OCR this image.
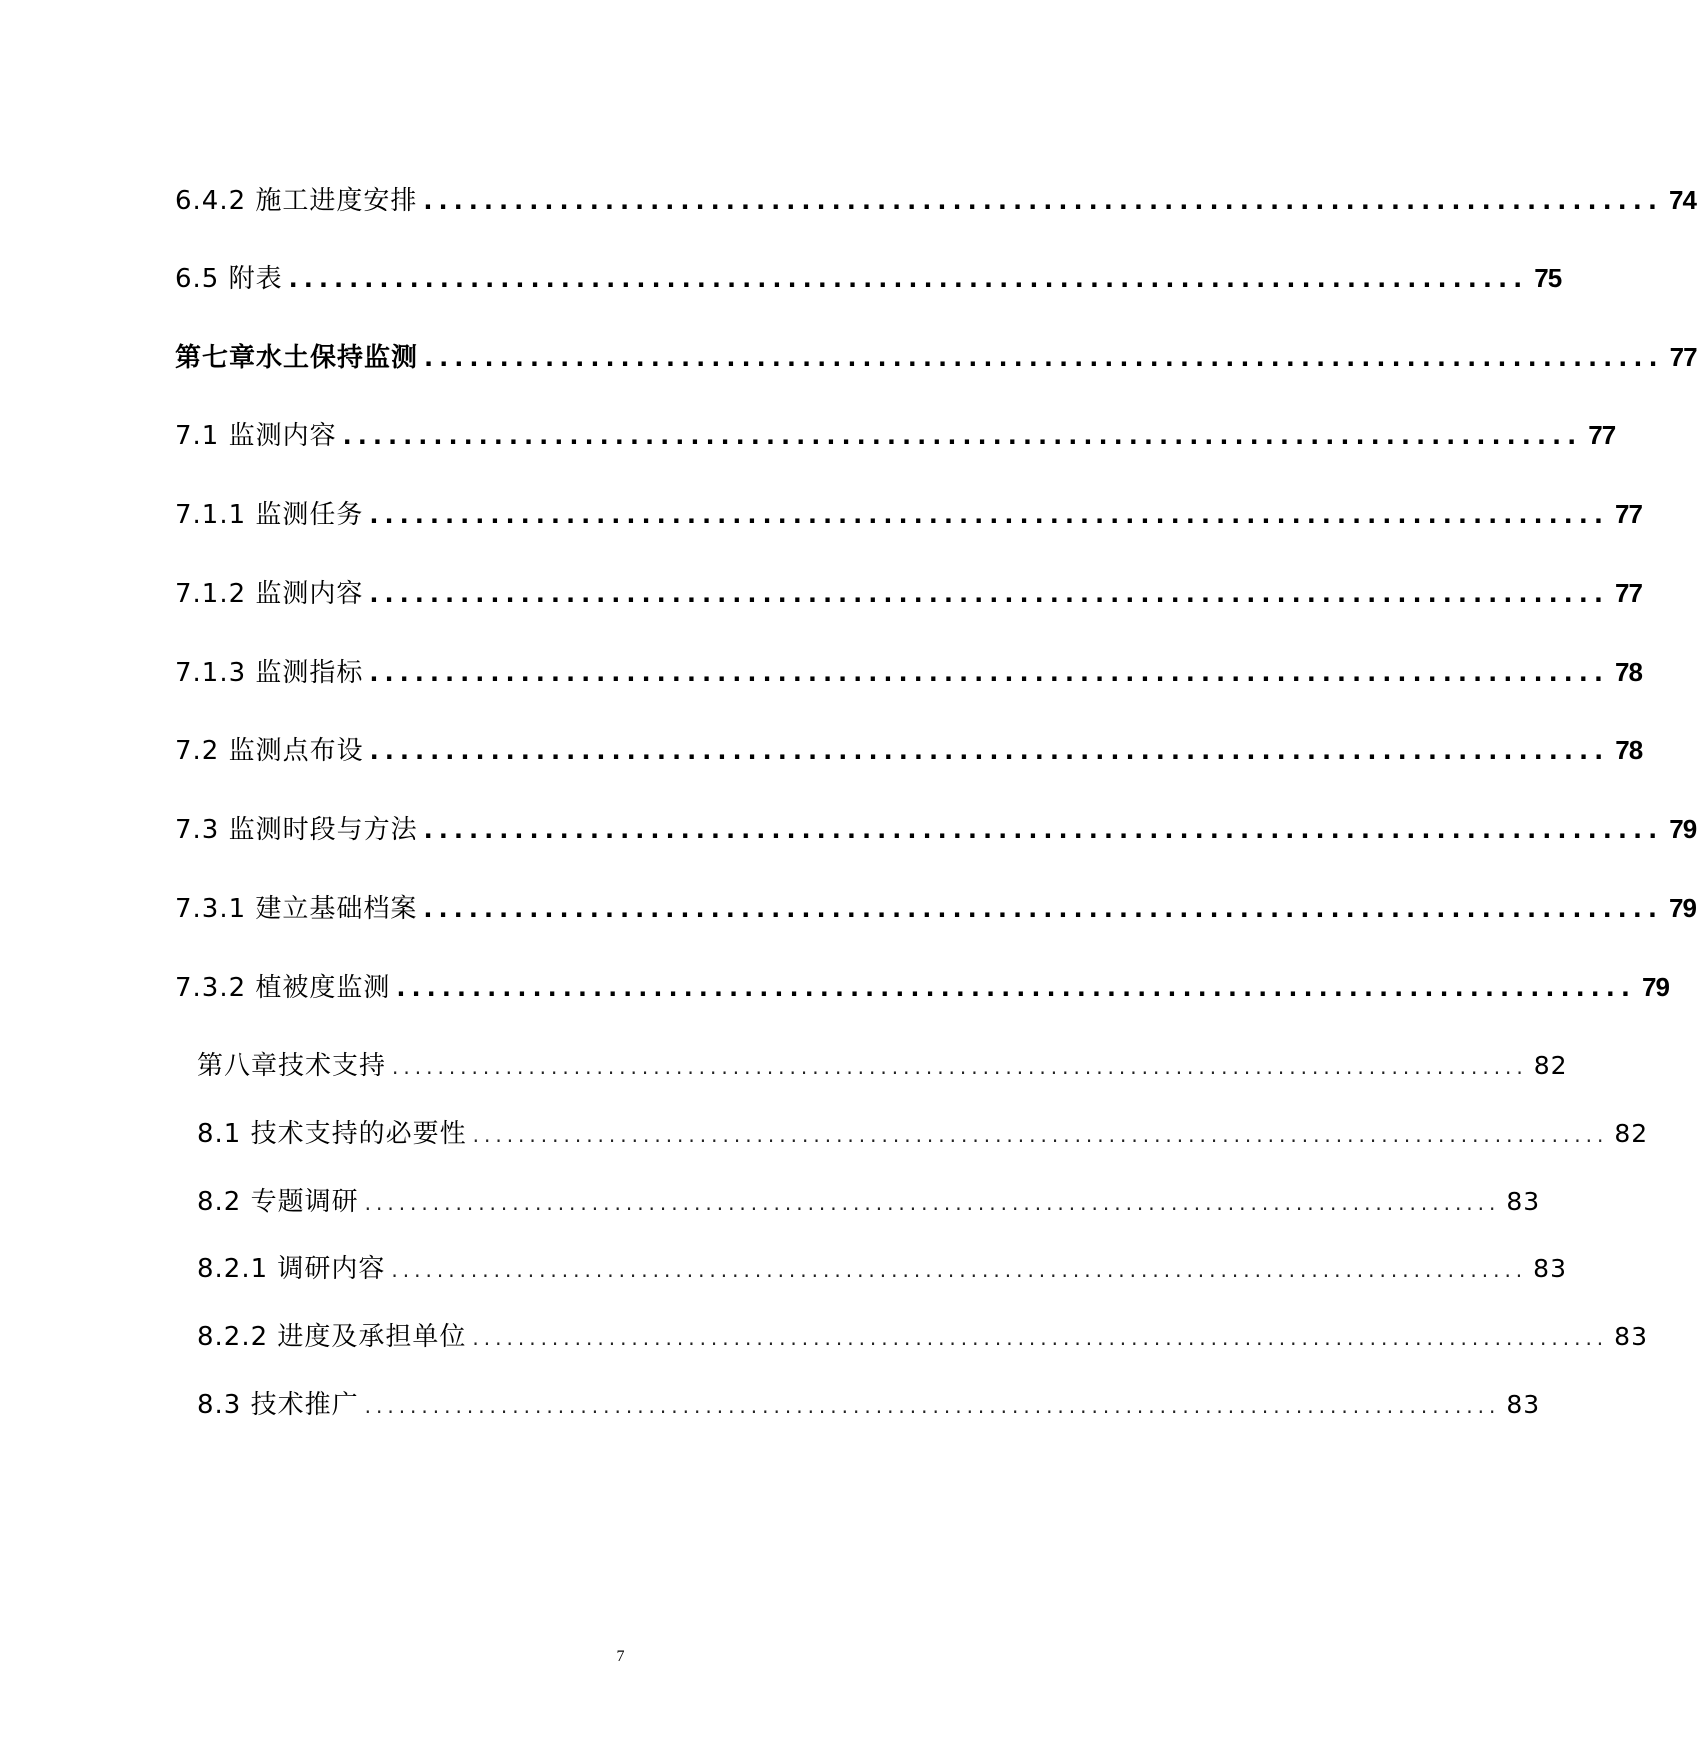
6.4.2 施工进度安排 .................................................................................. 74
6.5 附表 .................................................................................. 75
第七章 水土保持监测 .................................................................................. 77
7.1 监测内容 .................................................................................. 77
7.1.1 监测任务 .................................................................................. 77
7.1.2 监测内容 .................................................................................. 77
7.1.3 监测指标 .................................................................................. 78
7.2 监测点布设 .................................................................................. 78
7.3 监测时段与方法 .................................................................................. 79
7.3.1 建立基础档案 .................................................................................. 79
7.3.2 植被度监测 .................................................................................. 79
第八章 技术支持 .................................................................................................... 82
8.1 技术支持的必要性 .................................................................................................... 82
8.2 专题调研 .................................................................................................... 83
8.2.1 调研内容 .................................................................................................... 83
8.2.2 进度及承担单位 .................................................................................................... 83
8.3 技术推广 .................................................................................................... 83
7
